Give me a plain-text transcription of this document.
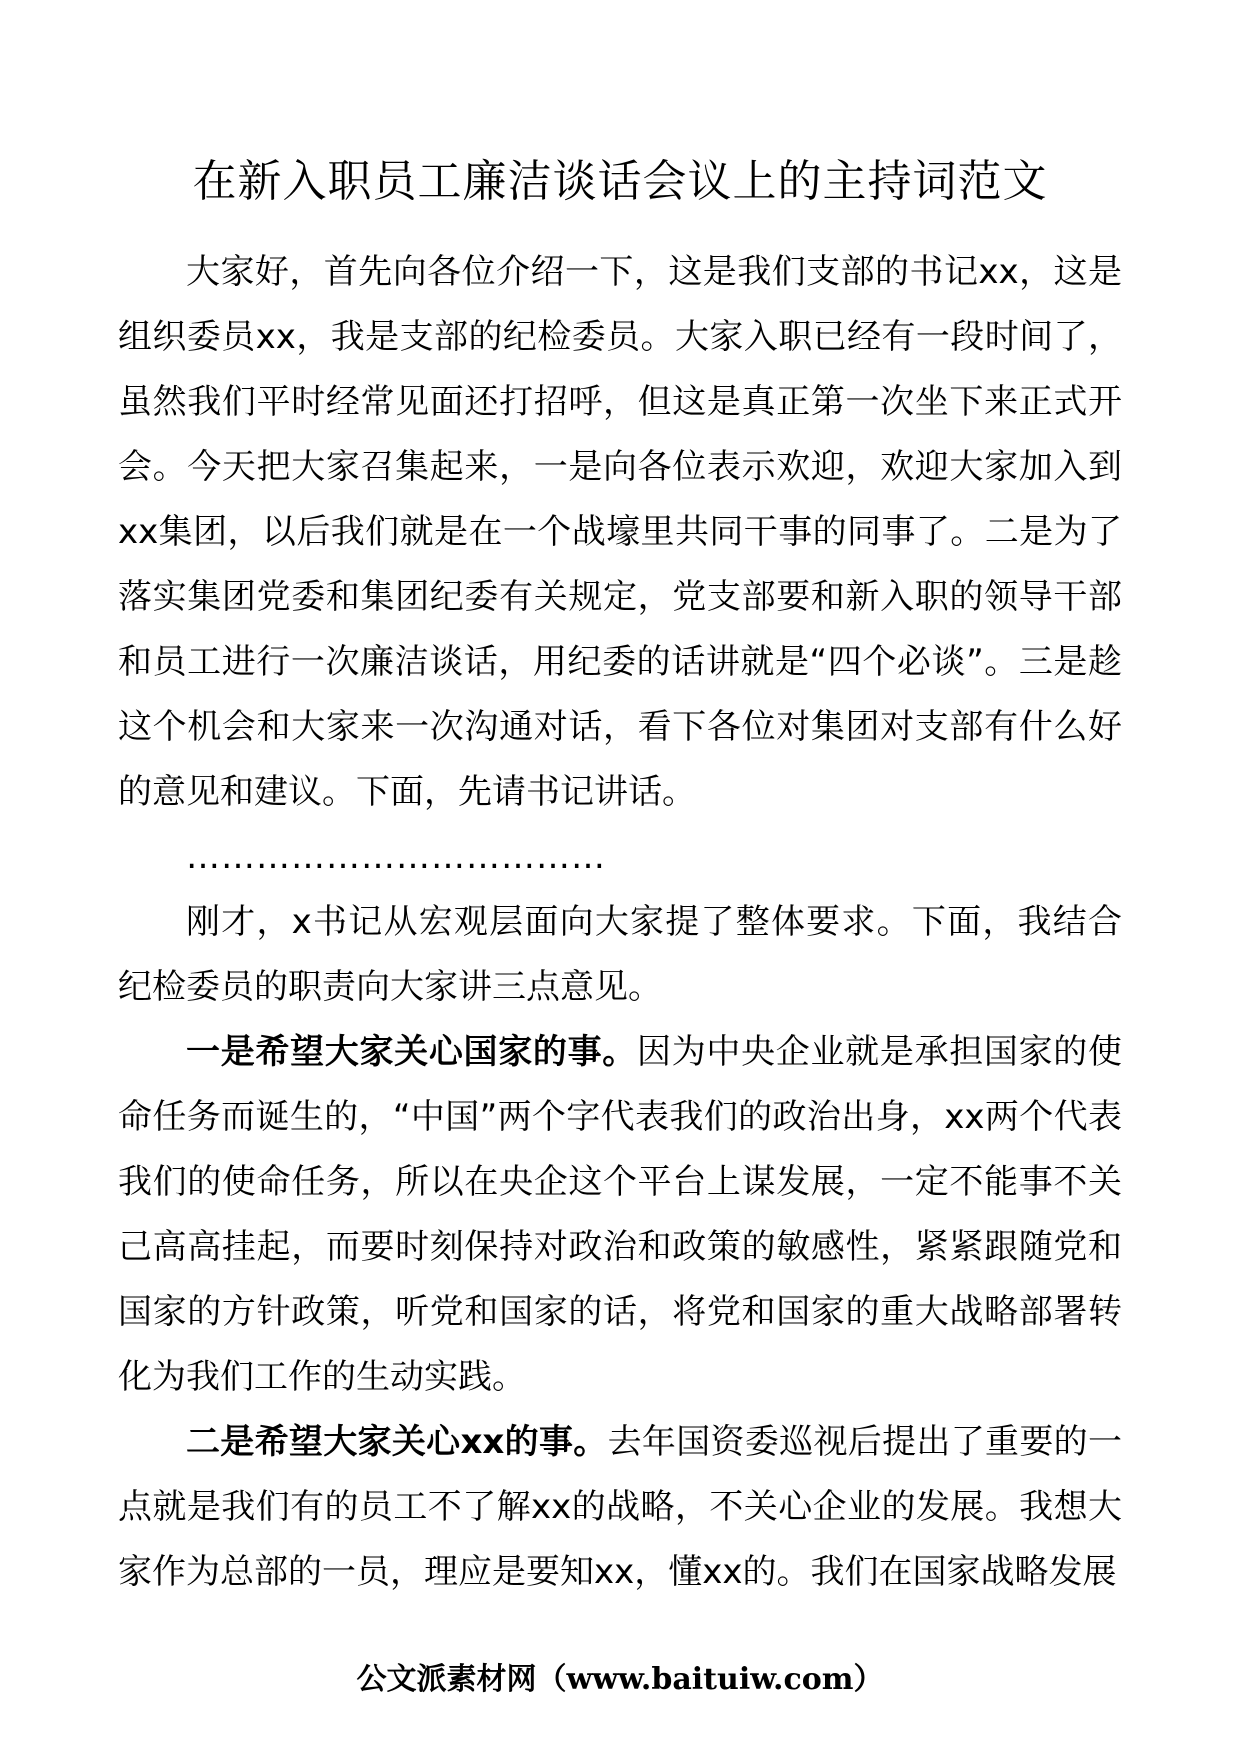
在新入职员工廉洁谈话会议上的主持词范文

大家好，首先向各位介绍一下，这是我们支部的书记xx，这是组织委员xx，我是支部的纪检委员。大家入职已经有一段时间了，虽然我们平时经常见面还打招呼，但这是真正第一次坐下来正式开会。今天把大家召集起来，一是向各位表示欢迎，欢迎大家加入到xx集团，以后我们就是在一个战壕里共同干事的同事了。二是为了落实集团党委和集团纪委有关规定，党支部要和新入职的领导干部和员工进行一次廉洁谈话，用纪委的话讲就是“四个必谈”。三是趁这个机会和大家来一次沟通对话，看下各位对集团对支部有什么好的意见和建议。下面，先请书记讲话。

………………………………

刚才，x书记从宏观层面向大家提了整体要求。下面，我结合纪检委员的职责向大家讲三点意见。

一是希望大家关心国家的事。因为中央企业就是承担国家的使命任务而诞生的，“中国”两个字代表我们的政治出身，xx两个代表我们的使命任务，所以在央企这个平台上谋发展，一定不能事不关己高高挂起，而要时刻保持对政治和政策的敏感性，紧紧跟随党和国家的方针政策，听党和国家的话，将党和国家的重大战略部署转化为我们工作的生动实践。

二是希望大家关心xx的事。去年国资委巡视后提出了重要的一点就是我们有的员工不了解xx的战略，不关心企业的发展。我想大家作为总部的一员，理应是要知xx，懂xx的。我们在国家战略发展

公文派素材网（www.baituiw.com）
